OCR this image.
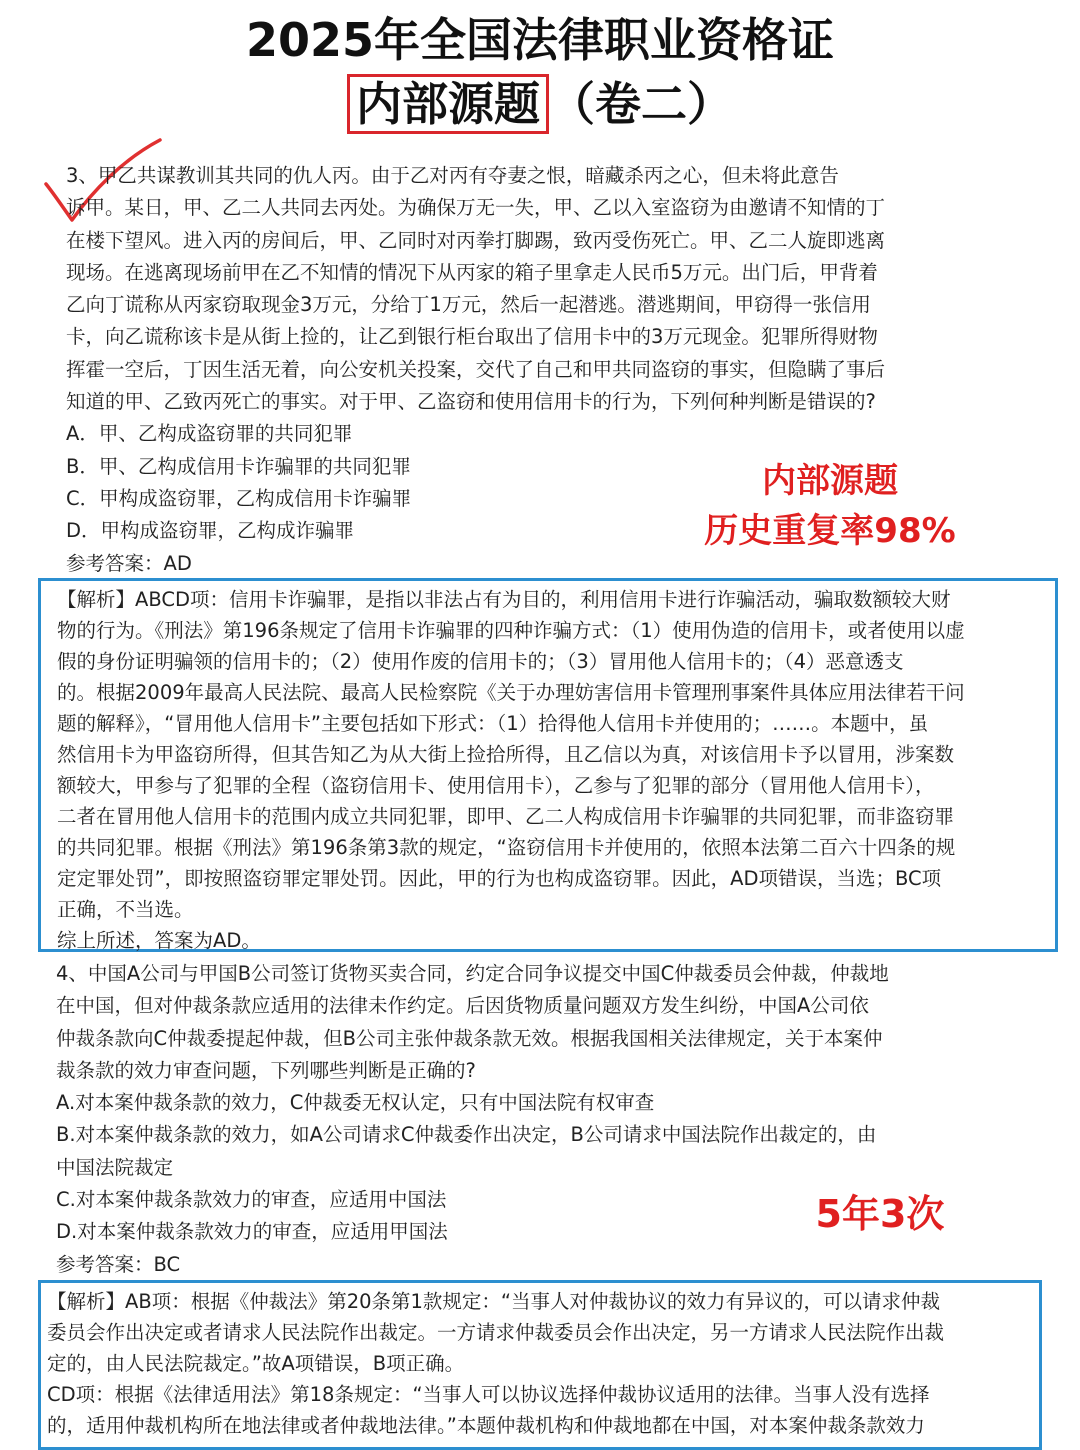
2025年全国法律职业资格证
内部源题 （卷二）
3、甲乙共谋教训其共同的仇人丙。由于乙对丙有夺妻之恨，暗藏杀丙之心，但未将此意告
诉甲。某日，甲、乙二人共同去丙处。为确保万无一失，甲、乙以入室盗窃为由邀请不知情的丁
在楼下望风。进入丙的房间后，甲、乙同时对丙拳打脚踢，致丙受伤死亡。甲、乙二人旋即逃离
现场。在逃离现场前甲在乙不知情的情况下从丙家的箱子里拿走人民币5万元。出门后，甲背着
乙向丁谎称从丙家窃取现金3万元，分给丁1万元，然后一起潜逃。潜逃期间，甲窃得一张信用
卡，向乙谎称该卡是从街上捡的，让乙到银行柜台取出了信用卡中的3万元现金。犯罪所得财物
挥霍一空后，丁因生活无着，向公安机关投案，交代了自己和甲共同盗窃的事实，但隐瞒了事后
知道的甲、乙致丙死亡的事实。对于甲、乙盗窃和使用信用卡的行为，下列何种判断是错误的?
A．甲、乙构成盗窃罪的共同犯罪
B．甲、乙构成信用卡诈骗罪的共同犯罪
C．甲构成盗窃罪，乙构成信用卡诈骗罪
D．甲构成盗窃罪，乙构成诈骗罪
参考答案：AD
内部源题
历史重复率98%
【解析】ABCD项：信用卡诈骗罪，是指以非法占有为目的，利用信用卡进行诈骗活动，骗取数额较大财
物的行为。《刑法》第196条规定了信用卡诈骗罪的四种诈骗方式：（1）使用伪造的信用卡，或者使用以虚
假的身份证明骗领的信用卡的；（2）使用作废的信用卡的；（3）冒用他人信用卡的；（4）恶意透支
的。根据2009年最高人民法院、最高人民检察院《关于办理妨害信用卡管理刑事案件具体应用法律若干问
题的解释》，“冒用他人信用卡”主要包括如下形式：（1）拾得他人信用卡并使用的；……。本题中，虽
然信用卡为甲盗窃所得，但其告知乙为从大街上捡拾所得，且乙信以为真，对该信用卡予以冒用，涉案数
额较大，甲参与了犯罪的全程（盗窃信用卡、使用信用卡），乙参与了犯罪的部分（冒用他人信用卡），
二者在冒用他人信用卡的范围内成立共同犯罪，即甲、乙二人构成信用卡诈骗罪的共同犯罪，而非盗窃罪
的共同犯罪。根据《刑法》第196条第3款的规定，“盗窃信用卡并使用的，依照本法第二百六十四条的规
定定罪处罚”，即按照盗窃罪定罪处罚。因此，甲的行为也构成盗窃罪。因此，AD项错误，当选；BC项
正确，不当选。
综上所述，答案为AD。
4、中国A公司与甲国B公司签订货物买卖合同，约定合同争议提交中国C仲裁委员会仲裁，仲裁地
在中国，但对仲裁条款应适用的法律未作约定。后因货物质量问题双方发生纠纷，中国A公司依
仲裁条款向C仲裁委提起仲裁，但B公司主张仲裁条款无效。根据我国相关法律规定，关于本案仲
裁条款的效力审查问题，下列哪些判断是正确的?
A.对本案仲裁条款的效力，C仲裁委无权认定，只有中国法院有权审查
B.对本案仲裁条款的效力，如A公司请求C仲裁委作出决定，B公司请求中国法院作出裁定的，由
中国法院裁定
C.对本案仲裁条款效力的审查，应适用中国法
D.对本案仲裁条款效力的审查，应适用甲国法
参考答案：BC
5年3次
【解析】AB项：根据《仲裁法》第20条第1款规定：“当事人对仲裁协议的效力有异议的，可以请求仲裁
委员会作出决定或者请求人民法院作出裁定。一方请求仲裁委员会作出决定，另一方请求人民法院作出裁
定的，由人民法院裁定。”故A项错误，B项正确。
CD项：根据《法律适用法》第18条规定：“当事人可以协议选择仲裁协议适用的法律。当事人没有选择
的，适用仲裁机构所在地法律或者仲裁地法律。”本题仲裁机构和仲裁地都在中国，对本案仲裁条款效力
